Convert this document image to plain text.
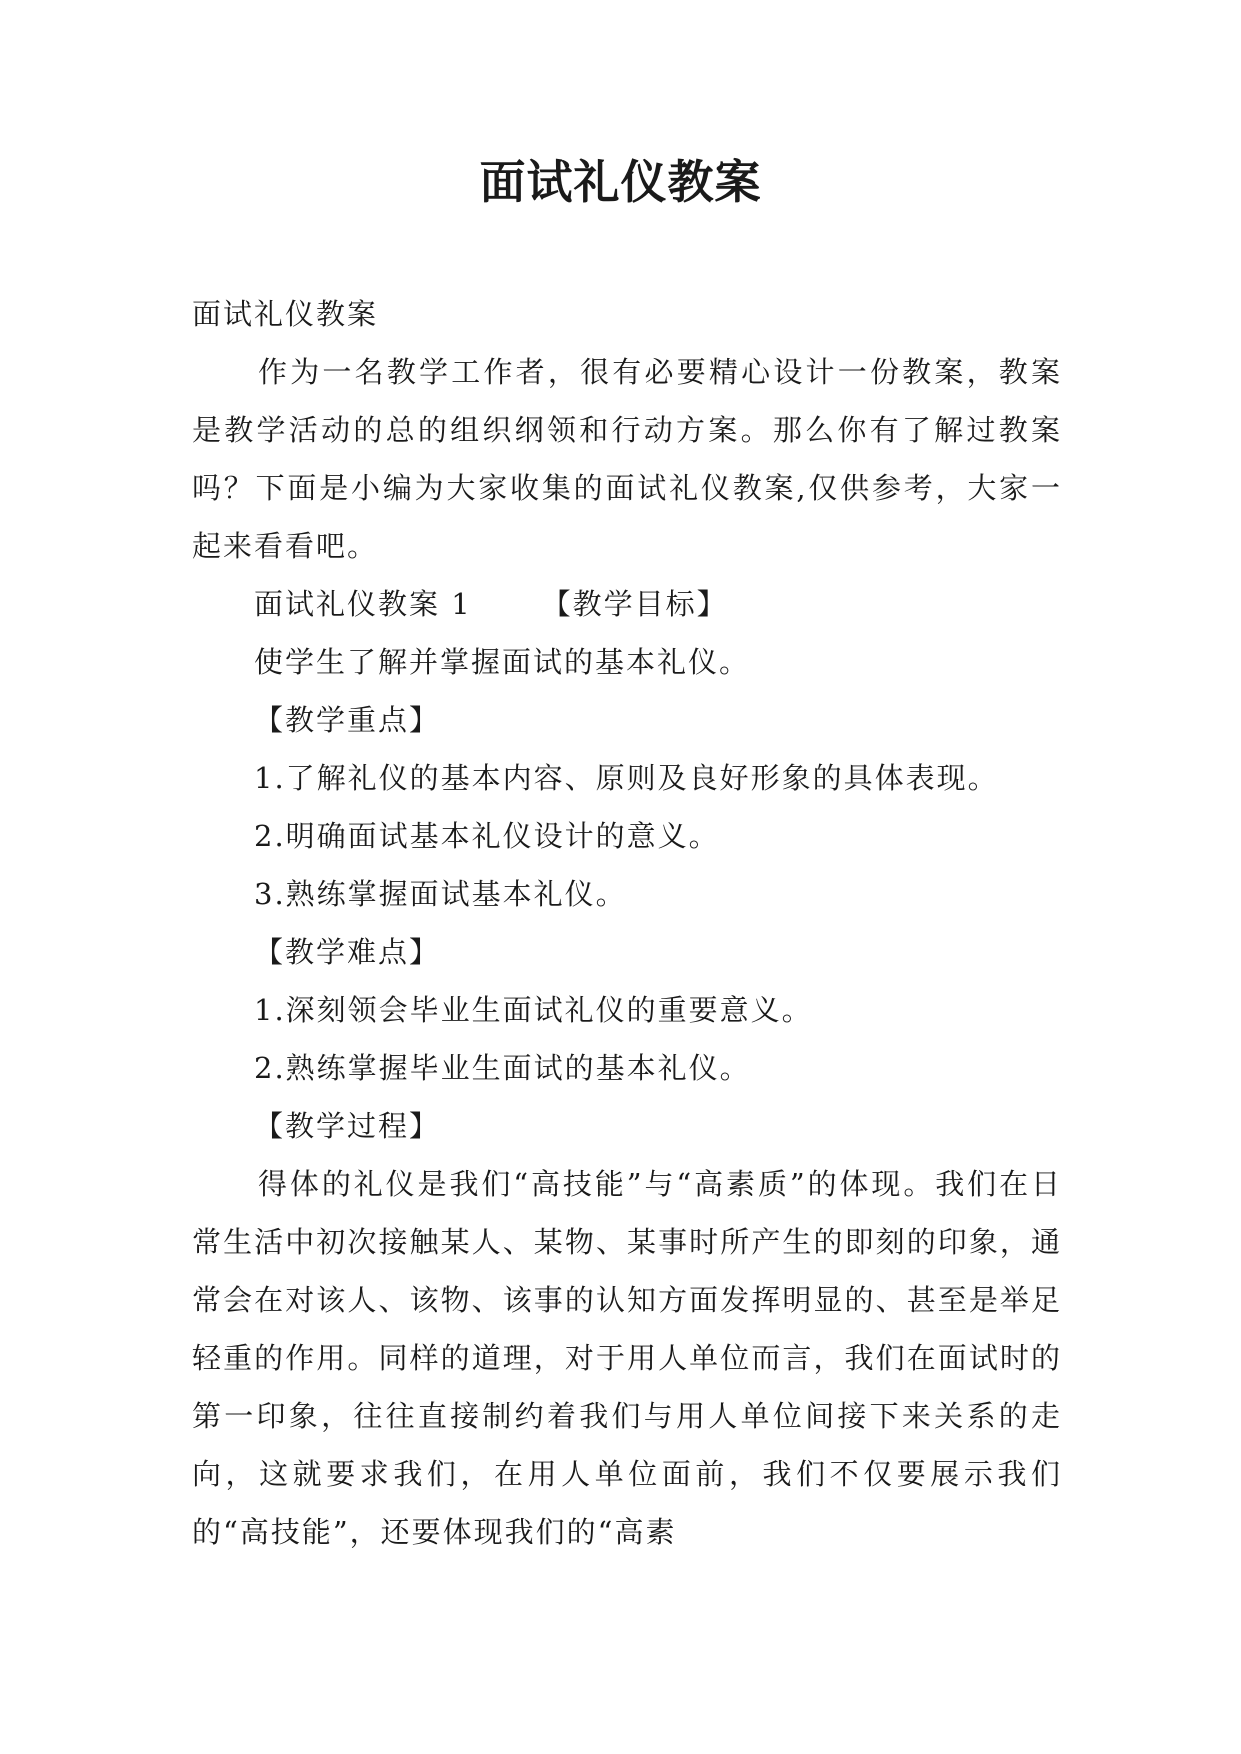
面试礼仪教案

面试礼仪教案

作为一名教学工作者，很有必要精心设计一份教案，教案是教学活动的总的组织纲领和行动方案。那么你有了解过教案吗？下面是小编为大家收集的面试礼仪教案,仅供参考，大家一起来看看吧。

面试礼仪教案 1 【教学目标】

使学生了解并掌握面试的基本礼仪。

【教学重点】

1.了解礼仪的基本内容、原则及良好形象的具体表现。

2.明确面试基本礼仪设计的意义。

3.熟练掌握面试基本礼仪。

【教学难点】

1.深刻领会毕业生面试礼仪的重要意义。

2.熟练掌握毕业生面试的基本礼仪。

【教学过程】

得体的礼仪是我们“高技能”与“高素质”的体现。我们在日常生活中初次接触某人、某物、某事时所产生的即刻的印象，通常会在对该人、该物、该事的认知方面发挥明显的、甚至是举足轻重的作用。同样的道理，对于用人单位而言，我们在面试时的第一印象，往往直接制约着我们与用人单位间接下来关系的走向，这就要求我们，在用人单位面前，我们不仅要展示我们的“高技能”，还要体现我们的“高素
